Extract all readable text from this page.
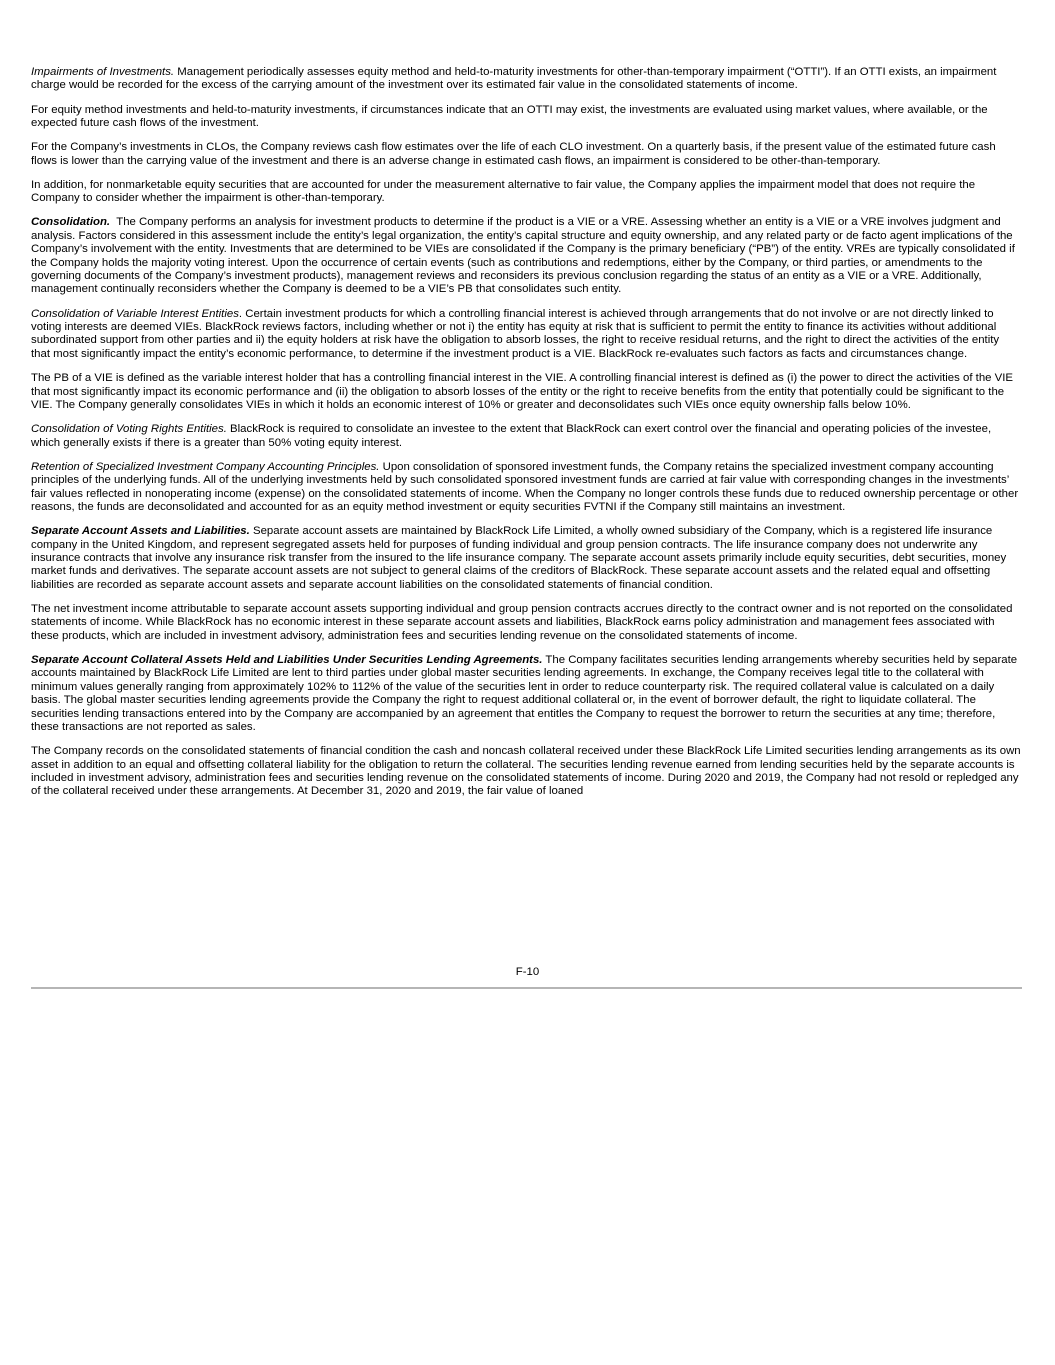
Impairments of Investments. Management periodically assesses equity method and held-to-maturity investments for other-than-temporary impairment (“OTTI”). If an OTTI exists, an impairment charge would be recorded for the excess of the carrying amount of the investment over its estimated fair value in the consolidated statements of income.

For equity method investments and held-to-maturity investments, if circumstances indicate that an OTTI may exist, the investments are evaluated using market values, where available, or the expected future cash flows of the investment.

For the Company’s investments in CLOs, the Company reviews cash flow estimates over the life of each CLO investment. On a quarterly basis, if the present value of the estimated future cash flows is lower than the carrying value of the investment and there is an adverse change in estimated cash flows, an impairment is considered to be other-than-temporary.

In addition, for nonmarketable equity securities that are accounted for under the measurement alternative to fair value, the Company applies the impairment model that does not require the Company to consider whether the impairment is other-than-temporary.

Consolidation.  The Company performs an analysis for investment products to determine if the product is a VIE or a VRE. Assessing whether an entity is a VIE or a VRE involves judgment and analysis. Factors considered in this assessment include the entity’s legal organization, the entity’s capital structure and equity ownership, and any related party or de facto agent implications of the Company’s involvement with the entity. Investments that are determined to be VIEs are consolidated if the Company is the primary beneficiary (“PB”) of the entity. VREs are typically consolidated if the Company holds the majority voting interest. Upon the occurrence of certain events (such as contributions and redemptions, either by the Company, or third parties, or amendments to the governing documents of the Company’s investment products), management reviews and reconsiders its previous conclusion regarding the status of an entity as a VIE or a VRE. Additionally, management continually reconsiders whether the Company is deemed to be a VIE’s PB that consolidates such entity.

Consolidation of Variable Interest Entities. Certain investment products for which a controlling financial interest is achieved through arrangements that do not involve or are not directly linked to voting interests are deemed VIEs. BlackRock reviews factors, including whether or not i) the entity has equity at risk that is sufficient to permit the entity to finance its activities without additional subordinated support from other parties and ii) the equity holders at risk have the obligation to absorb losses, the right to receive residual returns, and the right to direct the activities of the entity that most significantly impact the entity’s economic performance, to determine if the investment product is a VIE. BlackRock re-evaluates such factors as facts and circumstances change.

The PB of a VIE is defined as the variable interest holder that has a controlling financial interest in the VIE. A controlling financial interest is defined as (i) the power to direct the activities of the VIE that most significantly impact its economic performance and (ii) the obligation to absorb losses of the entity or the right to receive benefits from the entity that potentially could be significant to the VIE. The Company generally consolidates VIEs in which it holds an economic interest of 10% or greater and deconsolidates such VIEs once equity ownership falls below 10%.

Consolidation of Voting Rights Entities. BlackRock is required to consolidate an investee to the extent that BlackRock can exert control over the financial and operating policies of the investee, which generally exists if there is a greater than 50% voting equity interest.

Retention of Specialized Investment Company Accounting Principles. Upon consolidation of sponsored investment funds, the Company retains the specialized investment company accounting principles of the underlying funds. All of the underlying investments held by such consolidated sponsored investment funds are carried at fair value with corresponding changes in the investments’ fair values reflected in nonoperating income (expense) on the consolidated statements of income. When the Company no longer controls these funds due to reduced ownership percentage or other reasons, the funds are deconsolidated and accounted for as an equity method investment or equity securities FVTNI if the Company still maintains an investment.

Separate Account Assets and Liabilities. Separate account assets are maintained by BlackRock Life Limited, a wholly owned subsidiary of the Company, which is a registered life insurance company in the United Kingdom, and represent segregated assets held for purposes of funding individual and group pension contracts. The life insurance company does not underwrite any insurance contracts that involve any insurance risk transfer from the insured to the life insurance company. The separate account assets primarily include equity securities, debt securities, money market funds and derivatives. The separate account assets are not subject to general claims of the creditors of BlackRock. These separate account assets and the related equal and offsetting liabilities are recorded as separate account assets and separate account liabilities on the consolidated statements of financial condition.

The net investment income attributable to separate account assets supporting individual and group pension contracts accrues directly to the contract owner and is not reported on the consolidated statements of income. While BlackRock has no economic interest in these separate account assets and liabilities, BlackRock earns policy administration and management fees associated with these products, which are included in investment advisory, administration fees and securities lending revenue on the consolidated statements of income.

Separate Account Collateral Assets Held and Liabilities Under Securities Lending Agreements. The Company facilitates securities lending arrangements whereby securities held by separate accounts maintained by BlackRock Life Limited are lent to third parties under global master securities lending agreements. In exchange, the Company receives legal title to the collateral with minimum values generally ranging from approximately 102% to 112% of the value of the securities lent in order to reduce counterparty risk. The required collateral value is calculated on a daily basis. The global master securities lending agreements provide the Company the right to request additional collateral or, in the event of borrower default, the right to liquidate collateral. The securities lending transactions entered into by the Company are accompanied by an agreement that entitles the Company to request the borrower to return the securities at any time; therefore, these transactions are not reported as sales.

The Company records on the consolidated statements of financial condition the cash and noncash collateral received under these BlackRock Life Limited securities lending arrangements as its own asset in addition to an equal and offsetting collateral liability for the obligation to return the collateral. The securities lending revenue earned from lending securities held by the separate accounts is included in investment advisory, administration fees and securities lending revenue on the consolidated statements of income. During 2020 and 2019, the Company had not resold or repledged any of the collateral received under these arrangements. At December 31, 2020 and 2019, the fair value of loaned

F-10
